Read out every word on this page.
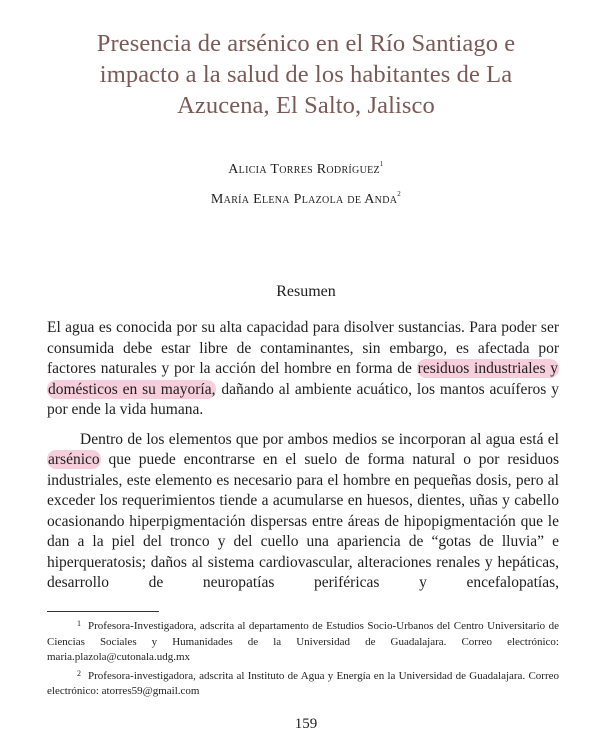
Presencia de arsénico en el Río Santiago e
impacto a la salud de los habitantes de La
Azucena, El Salto, Jalisco
Alicia Torres Rodríguez$^1$
María Elena Plazola de Anda$^2$
Resumen

El agua es conocida por su alta capacidad para disolver sustancias. Para poder ser consumida debe estar libre de contaminantes, sin embargo, es afectada por factores naturales y por la acción del hombre en forma de residuos industriales y domésticos en su mayoría, dañando al ambiente acuático, los mantos acuíferos y por ende la vida humana.

Dentro de los elementos que por ambos medios se incorporan al agua está el arsénico que puede encontrarse en el suelo de forma natural o por residuos industriales, este elemento es necesario para el hombre en pequeñas dosis, pero al exceder los requerimientos tiende a acumularse en huesos, dientes, uñas y cabello ocasionando hiperpigmentación dispersas entre áreas de hipopigmentación que le dan a la piel del tronco y del cuello una apariencia de “gotas de lluvia” e hiperqueratosis; daños al sistema cardiovascular, alteraciones renales y hepáticas, desarrollo de neuropatías periféricas y encefalopatías,

$^1$ Profesora-Investigadora, adscrita al departamento de Estudios Socio-Urbanos del Centro Universitario de Ciencias Sociales y Humanidades de la Universidad de Guadalajara. Correo electrónico: maria.plazola@cutonala.udg.mx

$^2$ Profesora-investigadora, adscrita al Instituto de Agua y Energía en la Universidad de Guadalajara. Correo electrónico: atorres59@gmail.com

159
